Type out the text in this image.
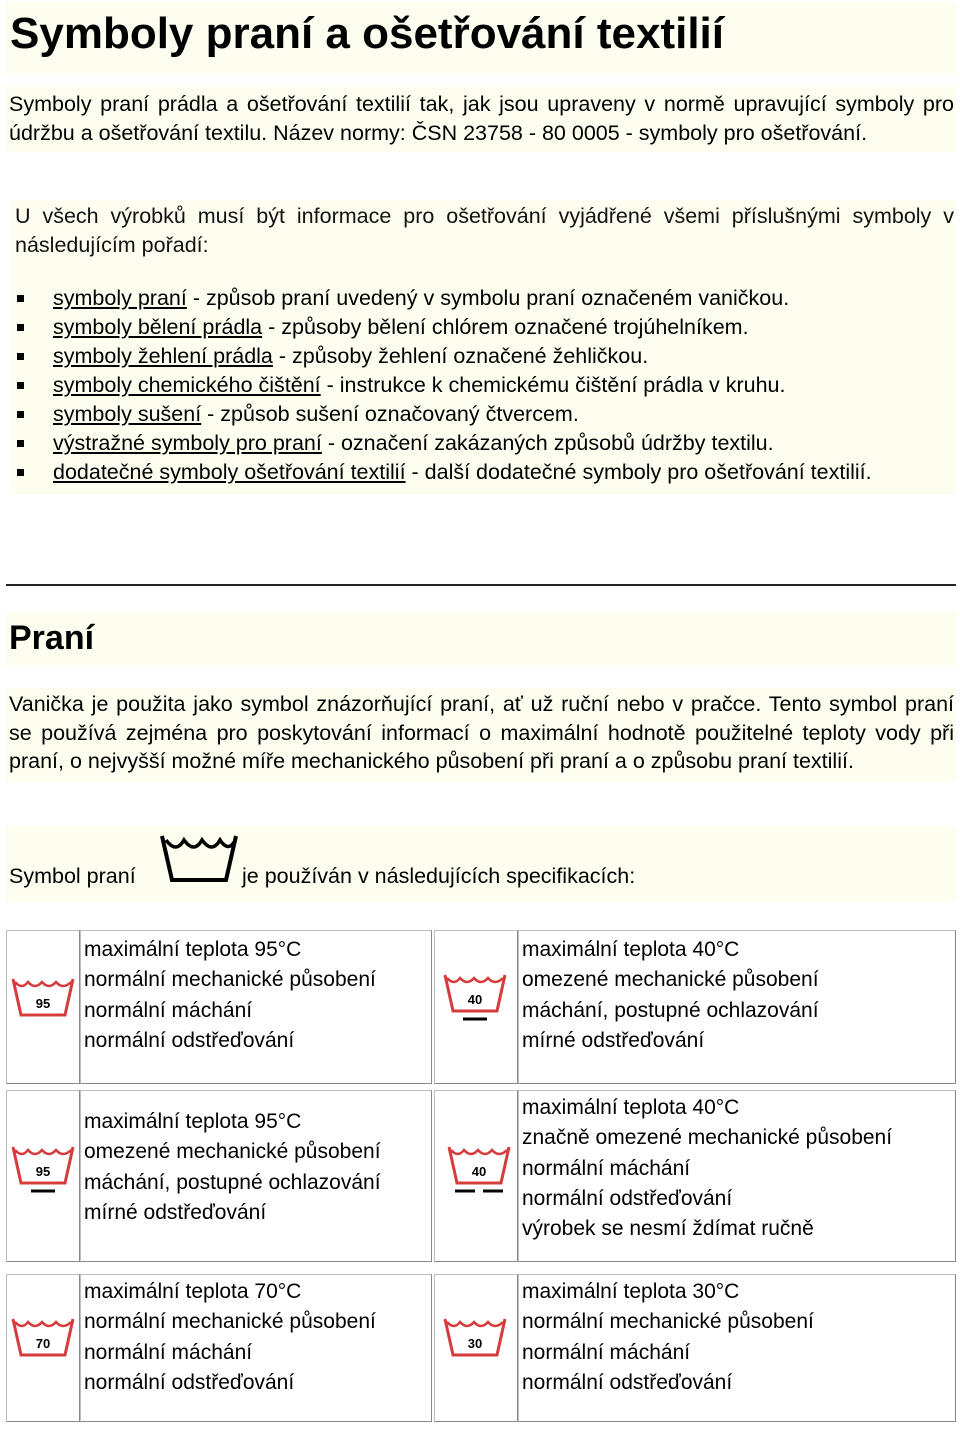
Symboly praní a ošetřování textilií

Symboly praní prádla a ošetřování textilií tak, jak jsou upraveny v normě upravující symboly pro údržbu a ošetřování textilu. Název normy: ČSN 23758 - 80 0005 - symboly pro ošetřování.

U všech výrobků musí být informace pro ošetřování vyjádřené všemi příslušnými symboly v následujícím pořadí:

symboly praní - způsob praní uvedený v symbolu praní označeném vaničkou.
symboly bělení prádla - způsoby bělení chlórem označené trojúhelníkem.
symboly žehlení prádla - způsoby žehlení označené žehličkou.
symboly chemického čištění - instrukce k chemickému čištění prádla v kruhu.
symboly sušení - způsob sušení označovaný čtvercem.
výstražné symboly pro praní - označení zakázaných způsobů údržby textilu.
dodatečné symboly ošetřování textilií - další dodatečné symboly pro ošetřování textilií.
Praní

Vanička je použita jako symbol znázorňující praní, ať už ruční nebo v pračce. Tento symbol praní se používá zejména pro poskytování informací o maximální hodnotě použitelné teploty vody při praní, o nejvyšší možné míře mechanického působení při praní a o způsobu praní textilií.

Symbol praní	je používán v následujících specifikacích:
95
maximální teplota 95°C
normální mechanické působení
normální máchání
normální odstřeďování
40
maximální teplota 40°C
omezené mechanické působení
máchání, postupné ochlazování
mírné odstřeďování
95
maximální teplota 95°C
omezené mechanické působení
máchání, postupné ochlazování
mírné odstřeďování
40
maximální teplota 40°C
značně omezené mechanické působení
normální máchání
normální odstřeďování
výrobek se nesmí ždímat ručně
70
maximální teplota 70°C
normální mechanické působení
normální máchání
normální odstřeďování
30
maximální teplota 30°C
normální mechanické působení
normální máchání
normální odstřeďování
